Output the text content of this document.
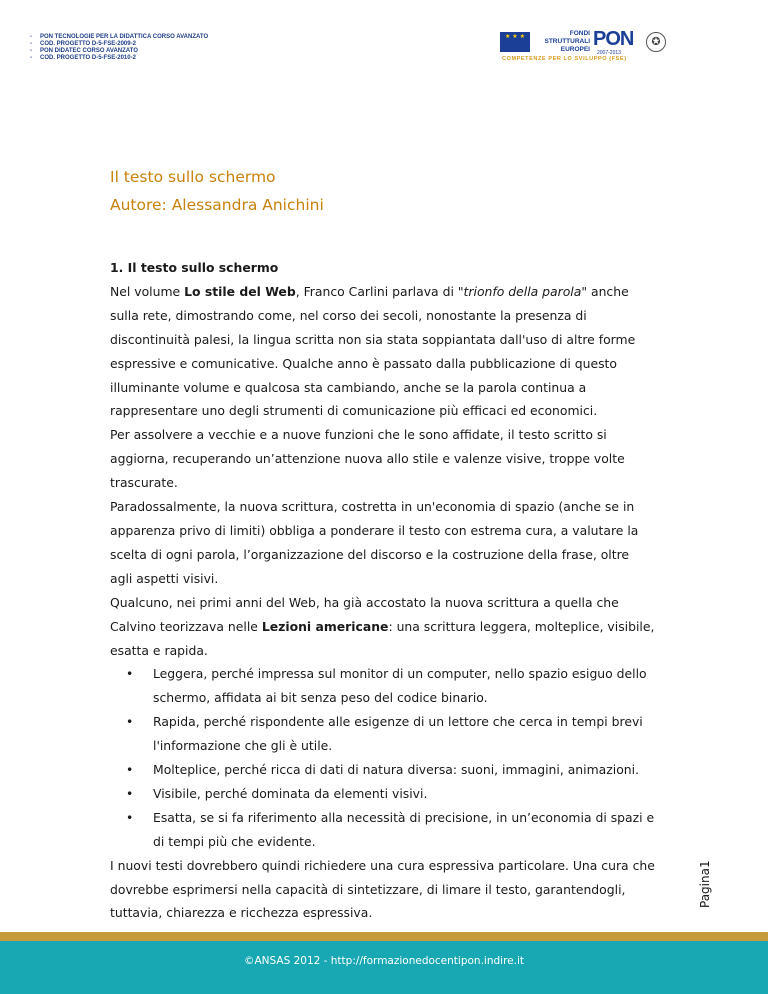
- PON TECNOLOGIE PER LA DIDATTICA CORSO AVANZATO
- COD. PROGETTO D-5-FSE-2009-2
- PON DIDATEC CORSO AVANZATO
- COD. PROGETTO D-5-FSE-2010-2
★ ★ ★	FONDI
STRUTTURALI
EUROPEI PON
2007-2013
✪
COMPETENZE PER LO SVILUPPO (FSE)
Il testo sullo schermo
Autore: Alessandra Anichini
1. Il testo sullo schermo

Nel volume Lo stile del Web, Franco Carlini parlava di "trionfo della parola" anche sulla rete, dimostrando come, nel corso dei secoli, nonostante la presenza di discontinuità palesi, la lingua scritta non sia stata soppiantata dall'uso di altre forme espressive e comunicative. Qualche anno è passato dalla pubblicazione di questo illuminante volume e qualcosa sta cambiando, anche se la parola continua a rappresentare uno degli strumenti di comunicazione più efficaci ed economici.

Per assolvere a vecchie e a nuove funzioni che le sono affidate, il testo scritto si aggiorna, recuperando un’attenzione nuova allo stile e valenze visive, troppe volte trascurate.

Paradossalmente, la nuova scrittura, costretta in un'economia di spazio (anche se in apparenza privo di limiti) obbliga a ponderare il testo con estrema cura, a valutare la scelta di ogni parola, l’organizzazione del discorso e la costruzione della frase, oltre agli aspetti visivi.

Qualcuno, nei primi anni del Web, ha già accostato la nuova scrittura a quella che Calvino teorizzava nelle Lezioni americane: una scrittura leggera, molteplice, visibile, esatta e rapida.

• Leggera, perché impressa sul monitor di un computer, nello spazio esiguo dello schermo, affidata ai bit senza peso del codice binario.
• Rapida, perché rispondente alle esigenze di un lettore che cerca in tempi brevi l'informazione che gli è utile.
• Molteplice, perché ricca di dati di natura diversa: suoni, immagini, animazioni.
• Visibile, perché dominata da elementi visivi.
• Esatta, se si fa riferimento alla necessità di precisione, in un’economia di spazi e di tempi più che evidente.

I nuovi testi dovrebbero quindi richiedere una cura espressiva particolare. Una cura che dovrebbe esprimersi nella capacità di sintetizzare, di limare il testo, garantendogli, tuttavia, chiarezza e ricchezza espressiva.

Pagina1
©ANSAS 2012 - http://formazionedocentipon.indire.it
